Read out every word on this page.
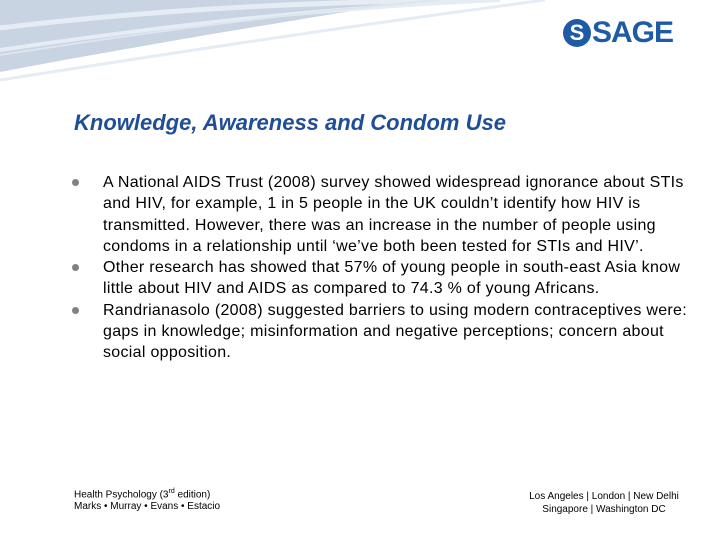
S SAGE
Knowledge, Awareness and Condom Use
A National AIDS Trust (2008) survey showed widespread ignorance about STIs and HIV, for example, 1 in 5 people in the UK couldn’t identify how HIV is transmitted. However, there was an increase in the number of people using condoms in a relationship until ‘we’ve both been tested for STIs and HIV’.
Other research has showed that 57% of young people in south-east Asia know little about HIV and AIDS as compared to 74.3 % of young Africans.
Randrianasolo (2008) suggested barriers to using modern contraceptives were: gaps in knowledge; misinformation and negative perceptions; concern about social opposition.
Health Psychology (3rd edition)
Marks • Murray • Evans • Estacio
Los Angeles | London | New Delhi
Singapore | Washington DC
